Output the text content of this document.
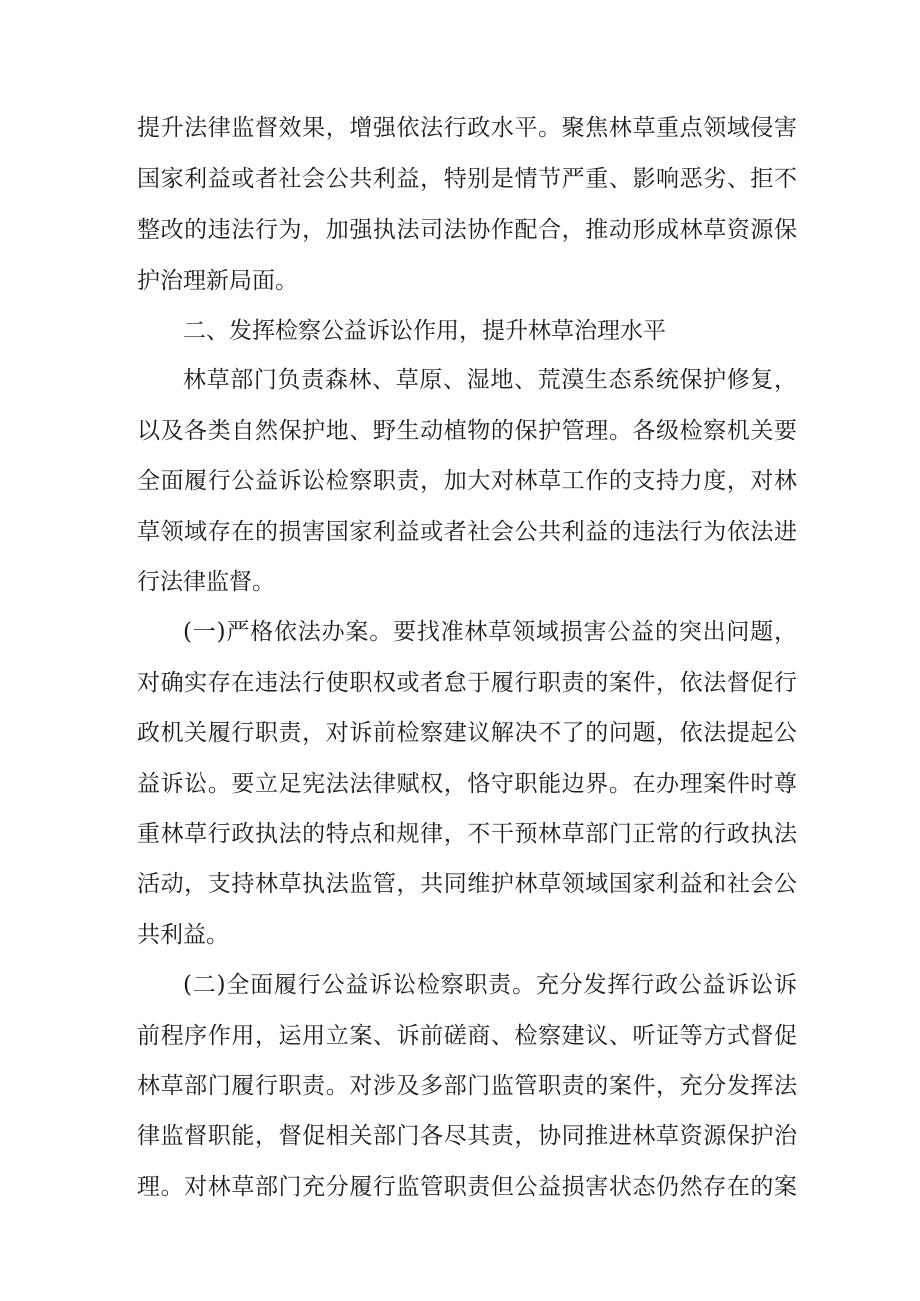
提升法律监督效果，增强依法行政水平。聚焦林草重点领域侵害
国家利益或者社会公共利益，特别是情节严重、影响恶劣、拒不
整改的违法行为，加强执法司法协作配合，推动形成林草资源保
护治理新局面。
二、发挥检察公益诉讼作用，提升林草治理水平
林草部门负责森林、草原、湿地、荒漠生态系统保护修复，
以及各类自然保护地、野生动植物的保护管理。各级检察机关要
全面履行公益诉讼检察职责，加大对林草工作的支持力度，对林
草领域存在的损害国家利益或者社会公共利益的违法行为依法进
行法律监督。
(一)严格依法办案。要找准林草领域损害公益的突出问题，
对确实存在违法行使职权或者怠于履行职责的案件，依法督促行
政机关履行职责，对诉前检察建议解决不了的问题，依法提起公
益诉讼。要立足宪法法律赋权，恪守职能边界。在办理案件时尊
重林草行政执法的特点和规律，不干预林草部门正常的行政执法
活动，支持林草执法监管，共同维护林草领域国家利益和社会公
共利益。
(二)全面履行公益诉讼检察职责。充分发挥行政公益诉讼诉
前程序作用，运用立案、诉前磋商、检察建议、听证等方式督促
林草部门履行职责。对涉及多部门监管职责的案件，充分发挥法
律监督职能，督促相关部门各尽其责，协同推进林草资源保护治
理。对林草部门充分履行监管职责但公益损害状态仍然存在的案
